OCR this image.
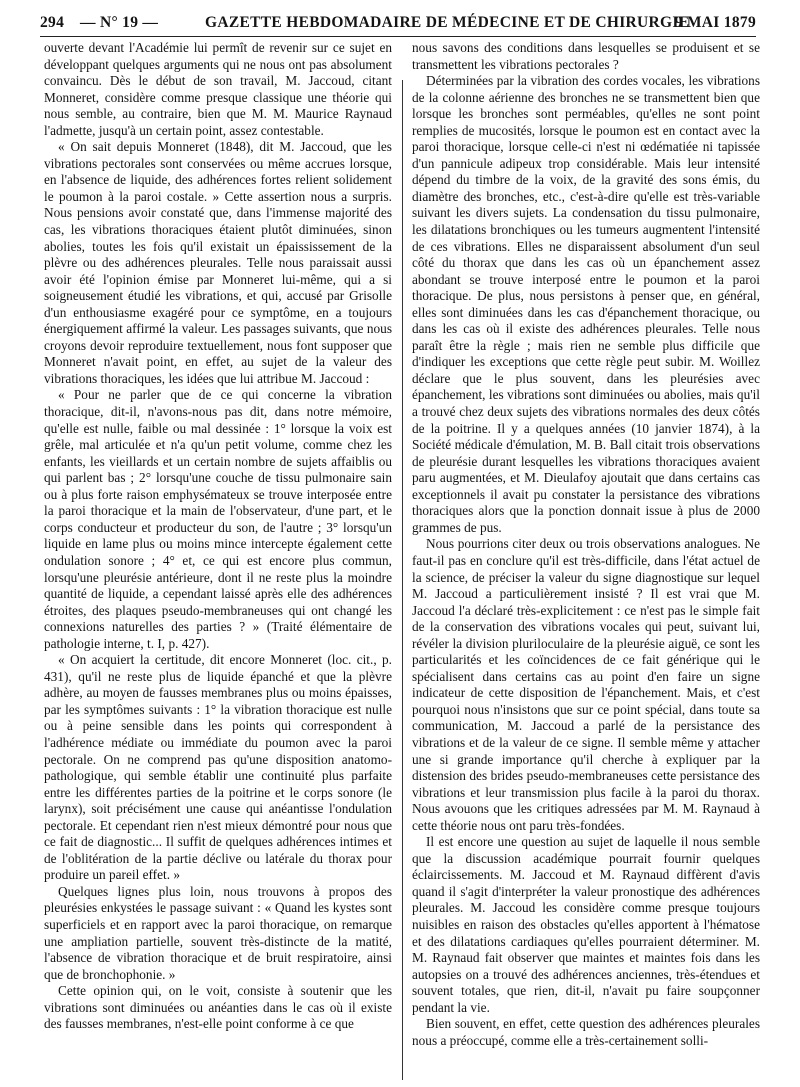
294 — N° 19 —	GAZETTE HEBDOMADAIRE DE MÉDECINE ET DE CHIRURGIE
9 MAI 1879

ouverte devant l'Académie lui permît de revenir sur ce sujet en développant quelques arguments qui ne nous ont pas absolument convaincu. Dès le début de son travail, M. Jaccoud, citant Monneret, considère comme presque classique une théorie qui nous semble, au contraire, bien que M. M. Maurice Raynaud l'admette, jusqu'à un certain point, assez contestable.

« On sait depuis Monneret (1848), dit M. Jaccoud, que les vibrations pectorales sont conservées ou même accrues lorsque, en l'absence de liquide, des adhérences fortes relient solidement le poumon à la paroi costale. » Cette assertion nous a surpris. Nous pensions avoir constaté que, dans l'immense majorité des cas, les vibrations thoraciques étaient plutôt diminuées, sinon abolies, toutes les fois qu'il existait un épaississement de la plèvre ou des adhérences pleurales. Telle nous paraissait aussi avoir été l'opinion émise par Monneret lui-même, qui a si soigneusement étudié les vibrations, et qui, accusé par Grisolle d'un enthousiasme exagéré pour ce symptôme, en a toujours énergiquement affirmé la valeur. Les passages suivants, que nous croyons devoir reproduire textuellement, nous font supposer que Monneret n'avait point, en effet, au sujet de la valeur des vibrations thoraciques, les idées que lui attribue M. Jaccoud :

« Pour ne parler que de ce qui concerne la vibration thoracique, dit-il, n'avons-nous pas dit, dans notre mémoire, qu'elle est nulle, faible ou mal dessinée : 1° lorsque la voix est grêle, mal articulée et n'a qu'un petit volume, comme chez les enfants, les vieillards et un certain nombre de sujets affaiblis ou qui parlent bas ; 2° lorsqu'une couche de tissu pulmonaire sain ou à plus forte raison emphysémateux se trouve interposée entre la paroi thoracique et la main de l'observateur, d'une part, et le corps conducteur et producteur du son, de l'autre ; 3° lorsqu'un liquide en lame plus ou moins mince intercepte également cette ondulation sonore ; 4° et, ce qui est encore plus commun, lorsqu'une pleurésie antérieure, dont il ne reste plus la moindre quantité de liquide, a cependant laissé après elle des adhérences étroites, des plaques pseudo-membraneuses qui ont changé les connexions naturelles des parties ? » (Traité élémentaire de pathologie interne, t. I, p. 427).

« On acquiert la certitude, dit encore Monneret (loc. cit., p. 431), qu'il ne reste plus de liquide épanché et que la plèvre adhère, au moyen de fausses membranes plus ou moins épaisses, par les symptômes suivants : 1° la vibration thoracique est nulle ou à peine sensible dans les points qui correspondent à l'adhérence médiate ou immédiate du poumon avec la paroi pectorale. On ne comprend pas qu'une disposition anatomo-pathologique, qui semble établir une continuité plus parfaite entre les différentes parties de la poitrine et le corps sonore (le larynx), soit précisément une cause qui anéantisse l'ondulation pectorale. Et cependant rien n'est mieux démontré pour nous que ce fait de diagnostic... Il suffit de quelques adhérences intimes et de l'oblitération de la partie déclive ou latérale du thorax pour produire un pareil effet. »

Quelques lignes plus loin, nous trouvons à propos des pleurésies enkystées le passage suivant : « Quand les kystes sont superficiels et en rapport avec la paroi thoracique, on remarque une ampliation partielle, souvent très-distincte de la matité, l'absence de vibration thoracique et de bruit respiratoire, ainsi que de bronchophonie. »

Cette opinion qui, on le voit, consiste à soutenir que les vibrations sont diminuées ou anéanties dans le cas où il existe des fausses membranes, n'est-elle point conforme à ce que

nous savons des conditions dans lesquelles se produisent et se transmettent les vibrations pectorales ?

Déterminées par la vibration des cordes vocales, les vibrations de la colonne aérienne des bronches ne se transmettent bien que lorsque les bronches sont perméables, qu'elles ne sont point remplies de mucosités, lorsque le poumon est en contact avec la paroi thoracique, lorsque celle-ci n'est ni œdématiée ni tapissée d'un pannicule adipeux trop considérable. Mais leur intensité dépend du timbre de la voix, de la gravité des sons émis, du diamètre des bronches, etc., c'est-à-dire qu'elle est très-variable suivant les divers sujets. La condensation du tissu pulmonaire, les dilatations bronchiques ou les tumeurs augmentent l'intensité de ces vibrations. Elles ne disparaissent absolument d'un seul côté du thorax que dans les cas où un épanchement assez abondant se trouve interposé entre le poumon et la paroi thoracique. De plus, nous persistons à penser que, en général, elles sont diminuées dans les cas d'épanchement thoracique, ou dans les cas où il existe des adhérences pleurales. Telle nous paraît être la règle ; mais rien ne semble plus difficile que d'indiquer les exceptions que cette règle peut subir. M. Woillez déclare que le plus souvent, dans les pleurésies avec épanchement, les vibrations sont diminuées ou abolies, mais qu'il a trouvé chez deux sujets des vibrations normales des deux côtés de la poitrine. Il y a quelques années (10 janvier 1874), à la Société médicale d'émulation, M. B. Ball citait trois observations de pleurésie durant lesquelles les vibrations thoraciques avaient paru augmentées, et M. Dieulafoy ajoutait que dans certains cas exceptionnels il avait pu constater la persistance des vibrations thoraciques alors que la ponction donnait issue à plus de 2000 grammes de pus.

Nous pourrions citer deux ou trois observations analogues. Ne faut-il pas en conclure qu'il est très-difficile, dans l'état actuel de la science, de préciser la valeur du signe diagnostique sur lequel M. Jaccoud a particulièrement insisté ? Il est vrai que M. Jaccoud l'a déclaré très-explicitement : ce n'est pas le simple fait de la conservation des vibrations vocales qui peut, suivant lui, révéler la division pluriloculaire de la pleurésie aiguë, ce sont les particularités et les coïncidences de ce fait générique qui le spécialisent dans certains cas au point d'en faire un signe indicateur de cette disposition de l'épanchement. Mais, et c'est pourquoi nous n'insistons que sur ce point spécial, dans toute sa communication, M. Jaccoud a parlé de la persistance des vibrations et de la valeur de ce signe. Il semble même y attacher une si grande importance qu'il cherche à expliquer par la distension des brides pseudo-membraneuses cette persistance des vibrations et leur transmission plus facile à la paroi du thorax. Nous avouons que les critiques adressées par M. M. Raynaud à cette théorie nous ont paru très-fondées.

Il est encore une question au sujet de laquelle il nous semble que la discussion académique pourrait fournir quelques éclaircissements. M. Jaccoud et M. Raynaud diffèrent d'avis quand il s'agit d'interpréter la valeur pronostique des adhérences pleurales. M. Jaccoud les considère comme presque toujours nuisibles en raison des obstacles qu'elles apportent à l'hématose et des dilatations cardiaques qu'elles pourraient déterminer. M. M. Raynaud fait observer que maintes et maintes fois dans les autopsies on a trouvé des adhérences anciennes, très-étendues et souvent totales, que rien, dit-il, n'avait pu faire soupçonner pendant la vie.

Bien souvent, en effet, cette question des adhérences pleurales nous a préoccupé, comme elle a très-certainement solli-
